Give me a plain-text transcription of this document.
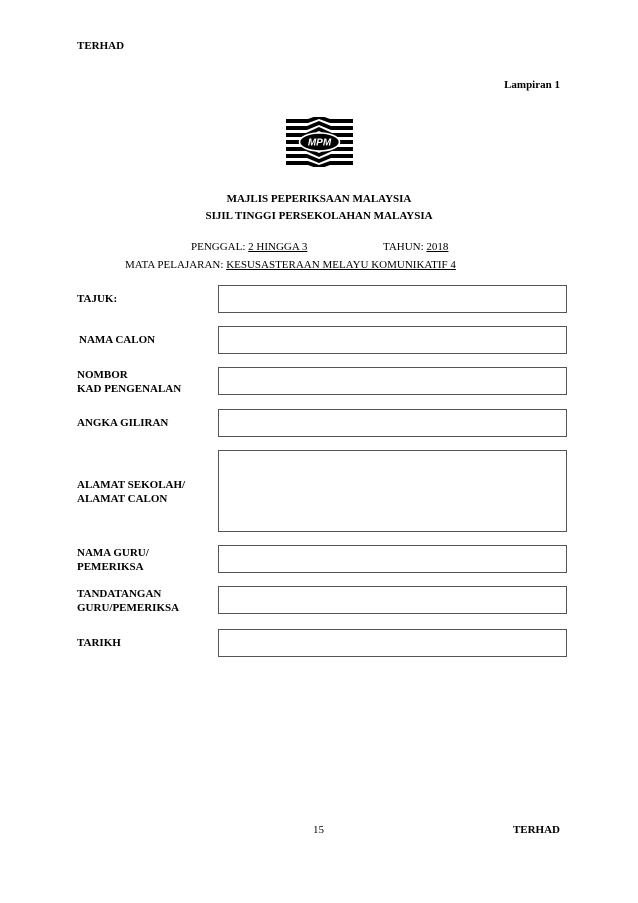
TERHAD
Lampiran 1
MPM
MAJLIS PEPERIKSAAN MALAYSIA
SIJIL TINGGI PERSEKOLAHAN MALAYSIA
PENGGAL: 2 HINGGA 3	TAHUN: 2018
MATA PELAJARAN: KESUSASTERAAN MELAYU KOMUNIKATIF 4
TAJUK:
NAMA CALON
NOMBOR
KAD PENGENALAN
ANGKA GILIRAN
ALAMAT SEKOLAH/
ALAMAT CALON
NAMA GURU/
PEMERIKSA
TANDATANGAN
GURU/PEMERIKSA
TARIKH
15	TERHAD
